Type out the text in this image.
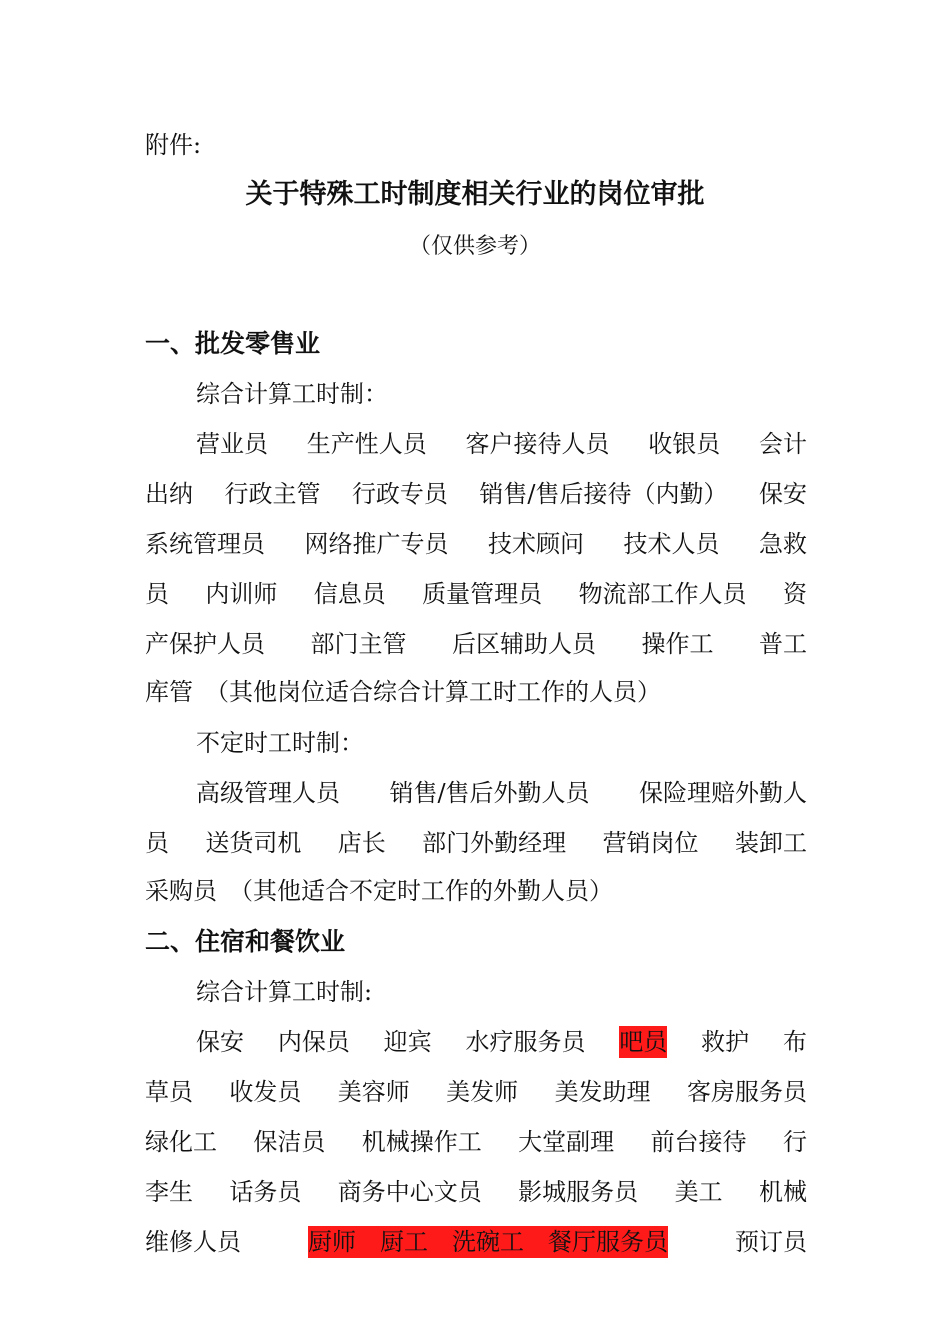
附件:
关于特殊工时制度相关行业的岗位审批
（仅供参考）
一、批发零售业
综合计算工时制：
营业员 生产性人员 客户接待人员 收银员 会计
出纳 行政主管 行政专员 销售/售后接待（内勤） 保安
系统管理员 网络推广专员 技术顾问 技术人员 急救
员 内训师 信息员 质量管理员 物流部工作人员 资
产保护人员 部门主管 后区辅助人员 操作工 普工
库管　（其他岗位适合综合计算工时工作的人员）
不定时工时制：
高级管理人员 销售/售后外勤人员 保险理赔外勤人
员 送货司机 店长 部门外勤经理 营销岗位 装卸工
采购员　（其他适合不定时工作的外勤人员）
二、住宿和餐饮业
综合计算工时制:
保安 内保员 迎宾 水疗服务员 吧员 救护 布
草员 收发员 美容师 美发师 美发助理 客房服务员
绿化工 保洁员 机械操作工 大堂副理 前台接待 行
李生 话务员 商务中心文员 影城服务员 美工 机械
维修人员	厨师　厨工　洗碗工　餐厅服务员	预订员
